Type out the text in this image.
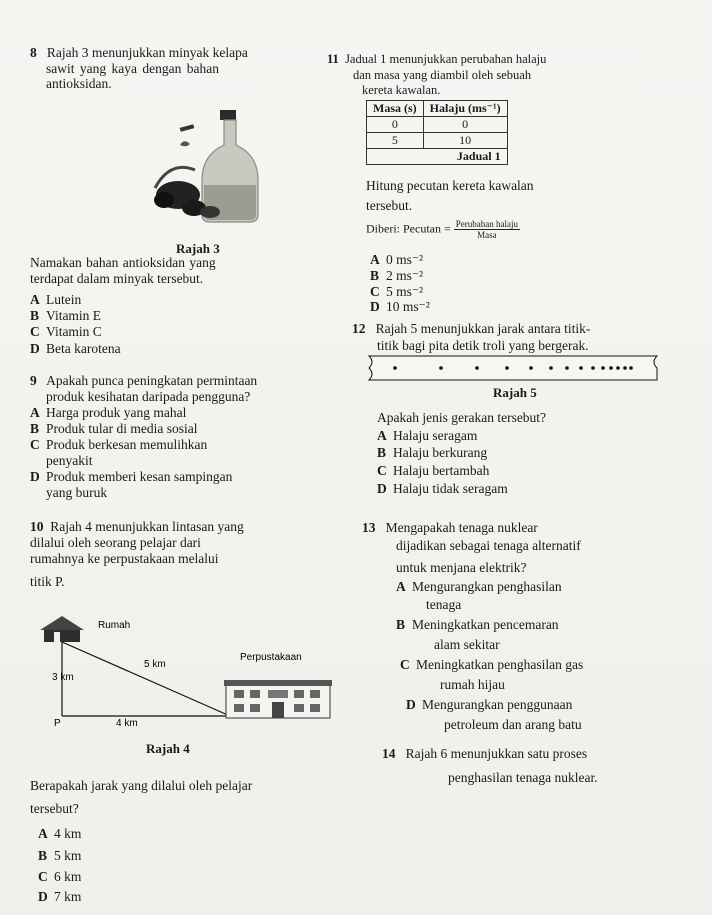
8 Rajah 3 menunjukkan minyak kelapa
sawit yang kaya dengan bahan
antioksidan.
Rajah 3
Namakan bahan antioksidan yang
terdapat dalam minyak tersebut.
A Lutein
B Vitamin E
C Vitamin C
D Beta karotena
9 Apakah punca peningkatan permintaan
produk kesihatan daripada pengguna?
A Harga produk yang mahal
B Produk tular di media sosial
C Produk berkesan memulihkan
penyakit
D Produk memberi kesan sampingan
yang buruk
10 Rajah 4 menunjukkan lintasan yang
dilalui oleh seorang pelajar dari
rumahnya ke perpustakaan melalui
titik P.
Rumah
3 km
5 km
4 km
P
Perpustakaan
Rajah 4
Berapakah jarak yang dilalui oleh pelajar
tersebut?
A 4 km
B 5 km
C 6 km
D 7 km
11 Jadual 1 menunjukkan perubahan halaju
dan masa yang diambil oleh sebuah
kereta kawalan.
Masa (s)	Halaju (ms⁻¹)
0	0
5	10
Jadual 1	
Hitung pecutan kereta kawalan
tersebut.
Diberi: Pecutan = Perubahan halaju
Masa
A 0 ms⁻²
B 2 ms⁻²
C 5 ms⁻²
D 10 ms⁻²
12 Rajah 5 menunjukkan jarak antara titik-
titik bagi pita detik troli yang bergerak.
Rajah 5
Apakah jenis gerakan tersebut?
A Halaju seragam
B Halaju berkurang
C Halaju bertambah
D Halaju tidak seragam
13 Mengapakah tenaga nuklear
dijadikan sebagai tenaga alternatif
untuk menjana elektrik?
A Mengurangkan penghasilan
tenaga
B Meningkatkan pencemaran
alam sekitar
C Meningkatkan penghasilan gas
rumah hijau
D Mengurangkan penggunaan
petroleum dan arang batu
14 Rajah 6 menunjukkan satu proses
penghasilan tenaga nuklear.
